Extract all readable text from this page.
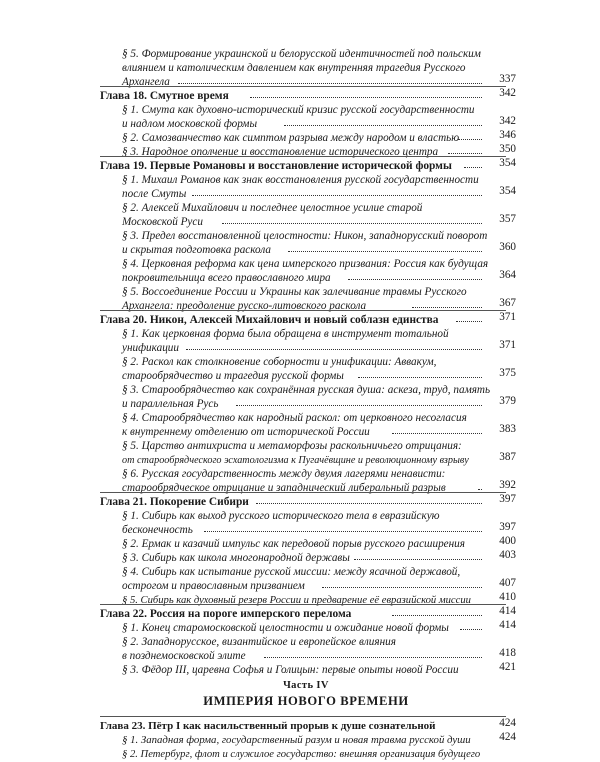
§ 5. Формирование украинской и белорусской идентичностей под польским
влиянием и католическим давлением как внутренняя трагедия Русского
Архангела	337
Глава 18. Смутное время	342
§ 1. Смута как духовно-исторический кризис русской государственности
и надлом московской формы	342
§ 2. Самозванчество как симптом разрыва между народом и властью	346
§ 3. Народное ополчение и восстановление исторического центра	350
Глава 19. Первые Романовы и восстановление исторической формы	354
§ 1. Михаил Романов как знак восстановления русской государственности
после Смуты	354
§ 2. Алексей Михайлович и последнее целостное усилие старой
Московской Руси	357
§ 3. Предел восстановленной целостности: Никон, западнорусский поворот
и скрытая подготовка раскола	360
§ 4. Церковная реформа как цена имперского призвания: Россия как будущая
покровительница всего православного мира	364
§ 5. Воссоединение России и Украины как залечивание травмы Русского
Архангела: преодоление русско-литовского раскола	367
Глава 20. Никон, Алексей Михайлович и новый соблазн единства	371
§ 1. Как церковная форма была обращена в инструмент тотальной
унификации	371
§ 2. Раскол как столкновение соборности и унификации: Аввакум,
старообрядчество и трагедия русской формы	375
§ 3. Старообрядчество как сохранённая русская душа: аскеза, труд, память
и параллельная Русь	379
§ 4. Старообрядчество как народный раскол: от церковного несогласия
к внутреннему отделению от исторической России	383
§ 5. Царство антихриста и метаморфозы раскольничьего отрицания:
от старообрядческого эсхатологизма к Пугачёвщине и революционному взрыву	387
§ 6. Русская государственность между двумя лагерями ненависти:
старообрядческое отрицание и западнический либеральный разрыв	392
Глава 21. Покорение Сибири	397
§ 1. Сибирь как выход русского исторического тела в евразийскую
бесконечность	397
§ 2. Ермак и казачий импульс как передовой порыв русского расширения	400
§ 3. Сибирь как школа многонародной державы	403
§ 4. Сибирь как испытание русской миссии: между ясачной державой,
острогом и православным призванием	407
§ 5. Сибирь как духовный резерв России и предварение её евразийской миссии	410
Глава 22. Россия на пороге имперского перелома	414
§ 1. Конец старомосковской целостности и ожидание новой формы	414
§ 2. Западнорусское, византийское и европейское влияния
в позднемосковской элите	418
§ 3. Фёдор III, царевна Софья и Голицын: первые опыты новой России	421
Часть IV
ИМПЕРИЯ НОВОГО ВРЕМЕНИ
Глава 23. Пётр I как насильственный прорыв к душе сознательной	424
§ 1. Западная форма, государственный разум и новая травма русской души	424
§ 2. Петербург, флот и служилое государство: внешняя организация будущего
